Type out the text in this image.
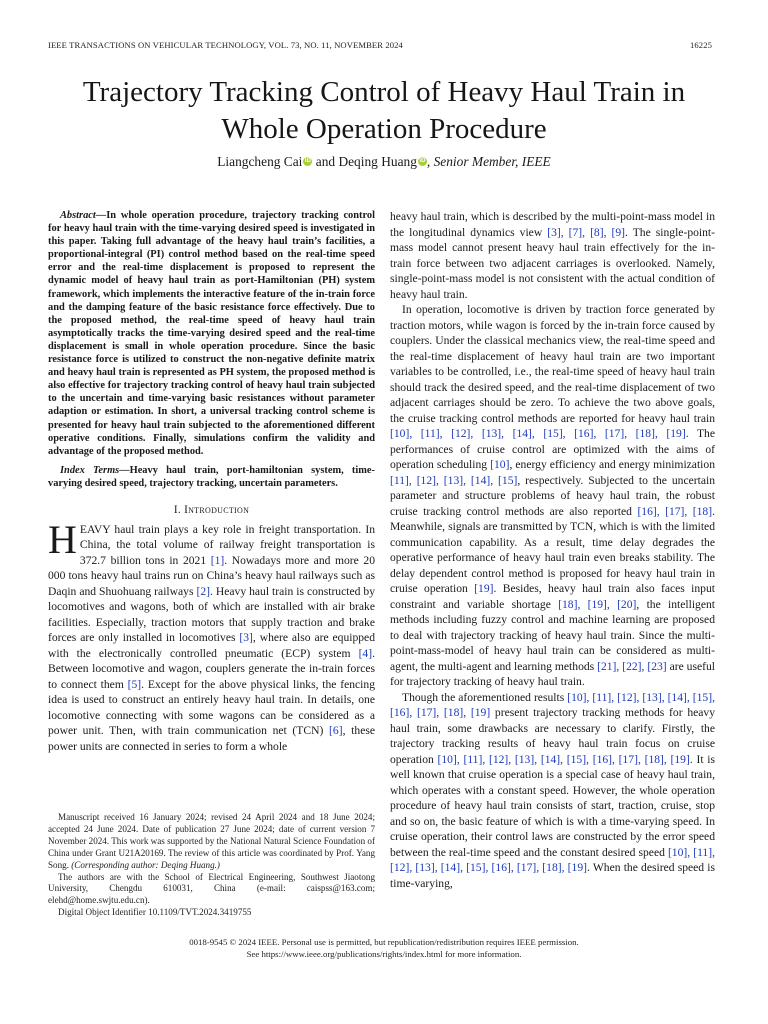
IEEE TRANSACTIONS ON VEHICULAR TECHNOLOGY, VOL. 73, NO. 11, NOVEMBER 2024	16225
Trajectory Tracking Control of Heavy Haul Train in
Whole Operation Procedure
Liangcheng Cai iD and Deqing Huang iD , Senior Member, IEEE
Abstract—In whole operation procedure, trajectory tracking control for heavy haul train with the time-varying desired speed is investigated in this paper. Taking full advantage of the heavy haul train’s facilities, a proportional-integral (PI) control method based on the real-time speed error and the real-time displacement is proposed to represent the dynamic model of heavy haul train as port-Hamiltonian (PH) system framework, which implements the interactive feature of the in-train force and the damping feature of the basic resistance force effectively. Due to the proposed method, the real-time speed of heavy haul train asymptotically tracks the time-varying desired speed and the real-time displacement is small in whole operation procedure. Since the basic resistance force is utilized to construct the non-negative definite matrix and heavy haul train is represented as PH system, the proposed method is also effective for trajectory tracking control of heavy haul train subjected to the uncertain and time-varying basic resistances without parameter adaption or estimation. In short, a universal tracking control scheme is presented for heavy haul train subjected to the aforementioned different operative conditions. Finally, simulations confirm the validity and advantage of the proposed method.
Index Terms—Heavy haul train, port-hamiltonian system, time-varying desired speed, trajectory tracking, uncertain parameters.
I. Introduction

HEAVY haul train plays a key role in freight transportation. In China, the total volume of railway freight transportation is 372.7 billion tons in 2021 [1]. Nowadays more and more 20 000 tons heavy haul trains run on China’s heavy haul railways such as Daqin and Shuohuang railways [2]. Heavy haul train is constructed by locomotives and wagons, both of which are installed with air brake facilities. Especially, traction motors that supply traction and brake forces are only installed in locomotives [3], where also are equipped with the electronically controlled pneumatic (ECP) system [4]. Between locomotive and wagon, couplers generate the in-train forces to connect them [5]. Except for the above physical links, the fencing idea is used to construct an entirely heavy haul train. In details, one locomotive connecting with some wagons can be considered as a power unit. Then, with train communication net (TCN) [6], these power units are connected in series to form a whole

Manuscript received 16 January 2024; revised 24 April 2024 and 18 June 2024; accepted 24 June 2024. Date of publication 27 June 2024; date of current version 7 November 2024. This work was supported by the National Natural Science Foundation of China under Grant U21A20169. The review of this article was coordinated by Prof. Yang Song. (Corresponding author: Deqing Huang.)

The authors are with the School of Electrical Engineering, Southwest Jiaotong University, Chengdu 610031, China (e-mail: caispss@163.com; elehd@home.swjtu.edu.cn).

Digital Object Identifier 10.1109/TVT.2024.3419755

heavy haul train, which is described by the multi-point-mass model in the longitudinal dynamics view [3], [7], [8], [9]. The single-point-mass model cannot present heavy haul train effectively for the in-train force between two adjacent carriages is overlooked. Namely, single-point-mass model is not consistent with the actual condition of heavy haul train.

In operation, locomotive is driven by traction force generated by traction motors, while wagon is forced by the in-train force caused by couplers. Under the classical mechanics view, the real-time speed and the real-time displacement of heavy haul train are two important variables to be controlled, i.e., the real-time speed of heavy haul train should track the desired speed, and the real-time displacement of two adjacent carriages should be zero. To achieve the two above goals, the cruise tracking control methods are reported for heavy haul train [10], [11], [12], [13], [14], [15], [16], [17], [18], [19]. The performances of cruise control are optimized with the aims of operation scheduling [10], energy efficiency and energy minimization [11], [12], [13], [14], [15], respectively. Subjected to the uncertain parameter and structure problems of heavy haul train, the robust cruise tracking control methods are also reported [16], [17], [18]. Meanwhile, signals are transmitted by TCN, which is with the limited communication capability. As a result, time delay degrades the operative performance of heavy haul train even breaks stability. The delay dependent control method is proposed for heavy haul train in cruise operation [19]. Besides, heavy haul train also faces input constraint and variable shortage [18], [19], [20], the intelligent methods including fuzzy control and machine learning are proposed to deal with trajectory tracking of heavy haul train. Since the multi-point-mass-model of heavy haul train can be considered as multi-agent, the multi-agent and learning methods [21], [22], [23] are useful for trajectory tracking of heavy haul train.

Though the aforementioned results [10], [11], [12], [13], [14], [15], [16], [17], [18], [19] present trajectory tracking methods for heavy haul train, some drawbacks are necessary to clarify. Firstly, the trajectory tracking results of heavy haul train focus on cruise operation [10], [11], [12], [13], [14], [15], [16], [17], [18], [19]. It is well known that cruise operation is a special case of heavy haul train, which operates with a constant speed. However, the whole operation procedure of heavy haul train consists of start, traction, cruise, stop and so on, the basic feature of which is with a time-varying speed. In cruise operation, their control laws are constructed by the error speed between the real-time speed and the constant desired speed [10], [11], [12], [13], [14], [15], [16], [17], [18], [19]. When the desired speed is time-varying,

0018-9545 © 2024 IEEE. Personal use is permitted, but republication/redistribution requires IEEE permission.
See https://www.ieee.org/publications/rights/index.html for more information.
